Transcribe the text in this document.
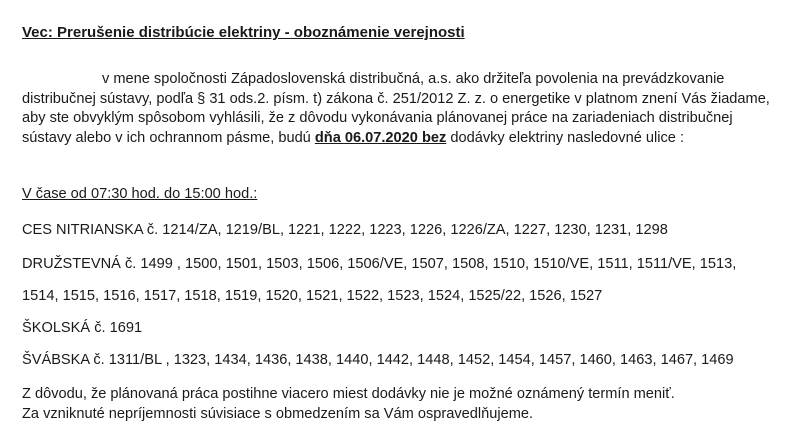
Vec: Prerušenie distribúcie elektriny - oboznámenie verejnosti
v mene spoločnosti Západoslovenská distribučná, a.s. ako držiteľa povolenia na prevádzkovanie distribučnej sústavy, podľa § 31 ods.2. písm. t) zákona č. 251/2012 Z. z. o energetike v platnom znení Vás žiadame, aby ste obvyklým spôsobom vyhlásili, že z dôvodu vykonávania plánovanej práce na zariadeniach distribučnej sústavy alebo v ich ochrannom pásme, budú dňa 06.07.2020 bez dodávky elektriny nasledovné ulice :
V čase od 07:30 hod. do 15:00 hod.:
CES NITRIANSKA č. 1214/ZA, 1219/BL, 1221, 1222, 1223, 1226, 1226/ZA, 1227, 1230, 1231, 1298
DRUŽSTEVNÁ č. 1499 , 1500, 1501, 1503, 1506, 1506/VE, 1507, 1508, 1510, 1510/VE, 1511, 1511/VE, 1513,
1514, 1515, 1516, 1517, 1518, 1519, 1520, 1521, 1522, 1523, 1524, 1525/22, 1526, 1527
ŠKOLSKÁ č. 1691
ŠVÁBSKA č. 1311/BL , 1323, 1434, 1436, 1438, 1440, 1442, 1448, 1452, 1454, 1457, 1460, 1463, 1467, 1469
Z dôvodu, že plánovaná práca postihne viacero miest dodávky nie je možné oznámený termín meniť.
Za vzniknuté nepríjemnosti súvisiace s obmedzením sa Vám ospravedlňujeme.
